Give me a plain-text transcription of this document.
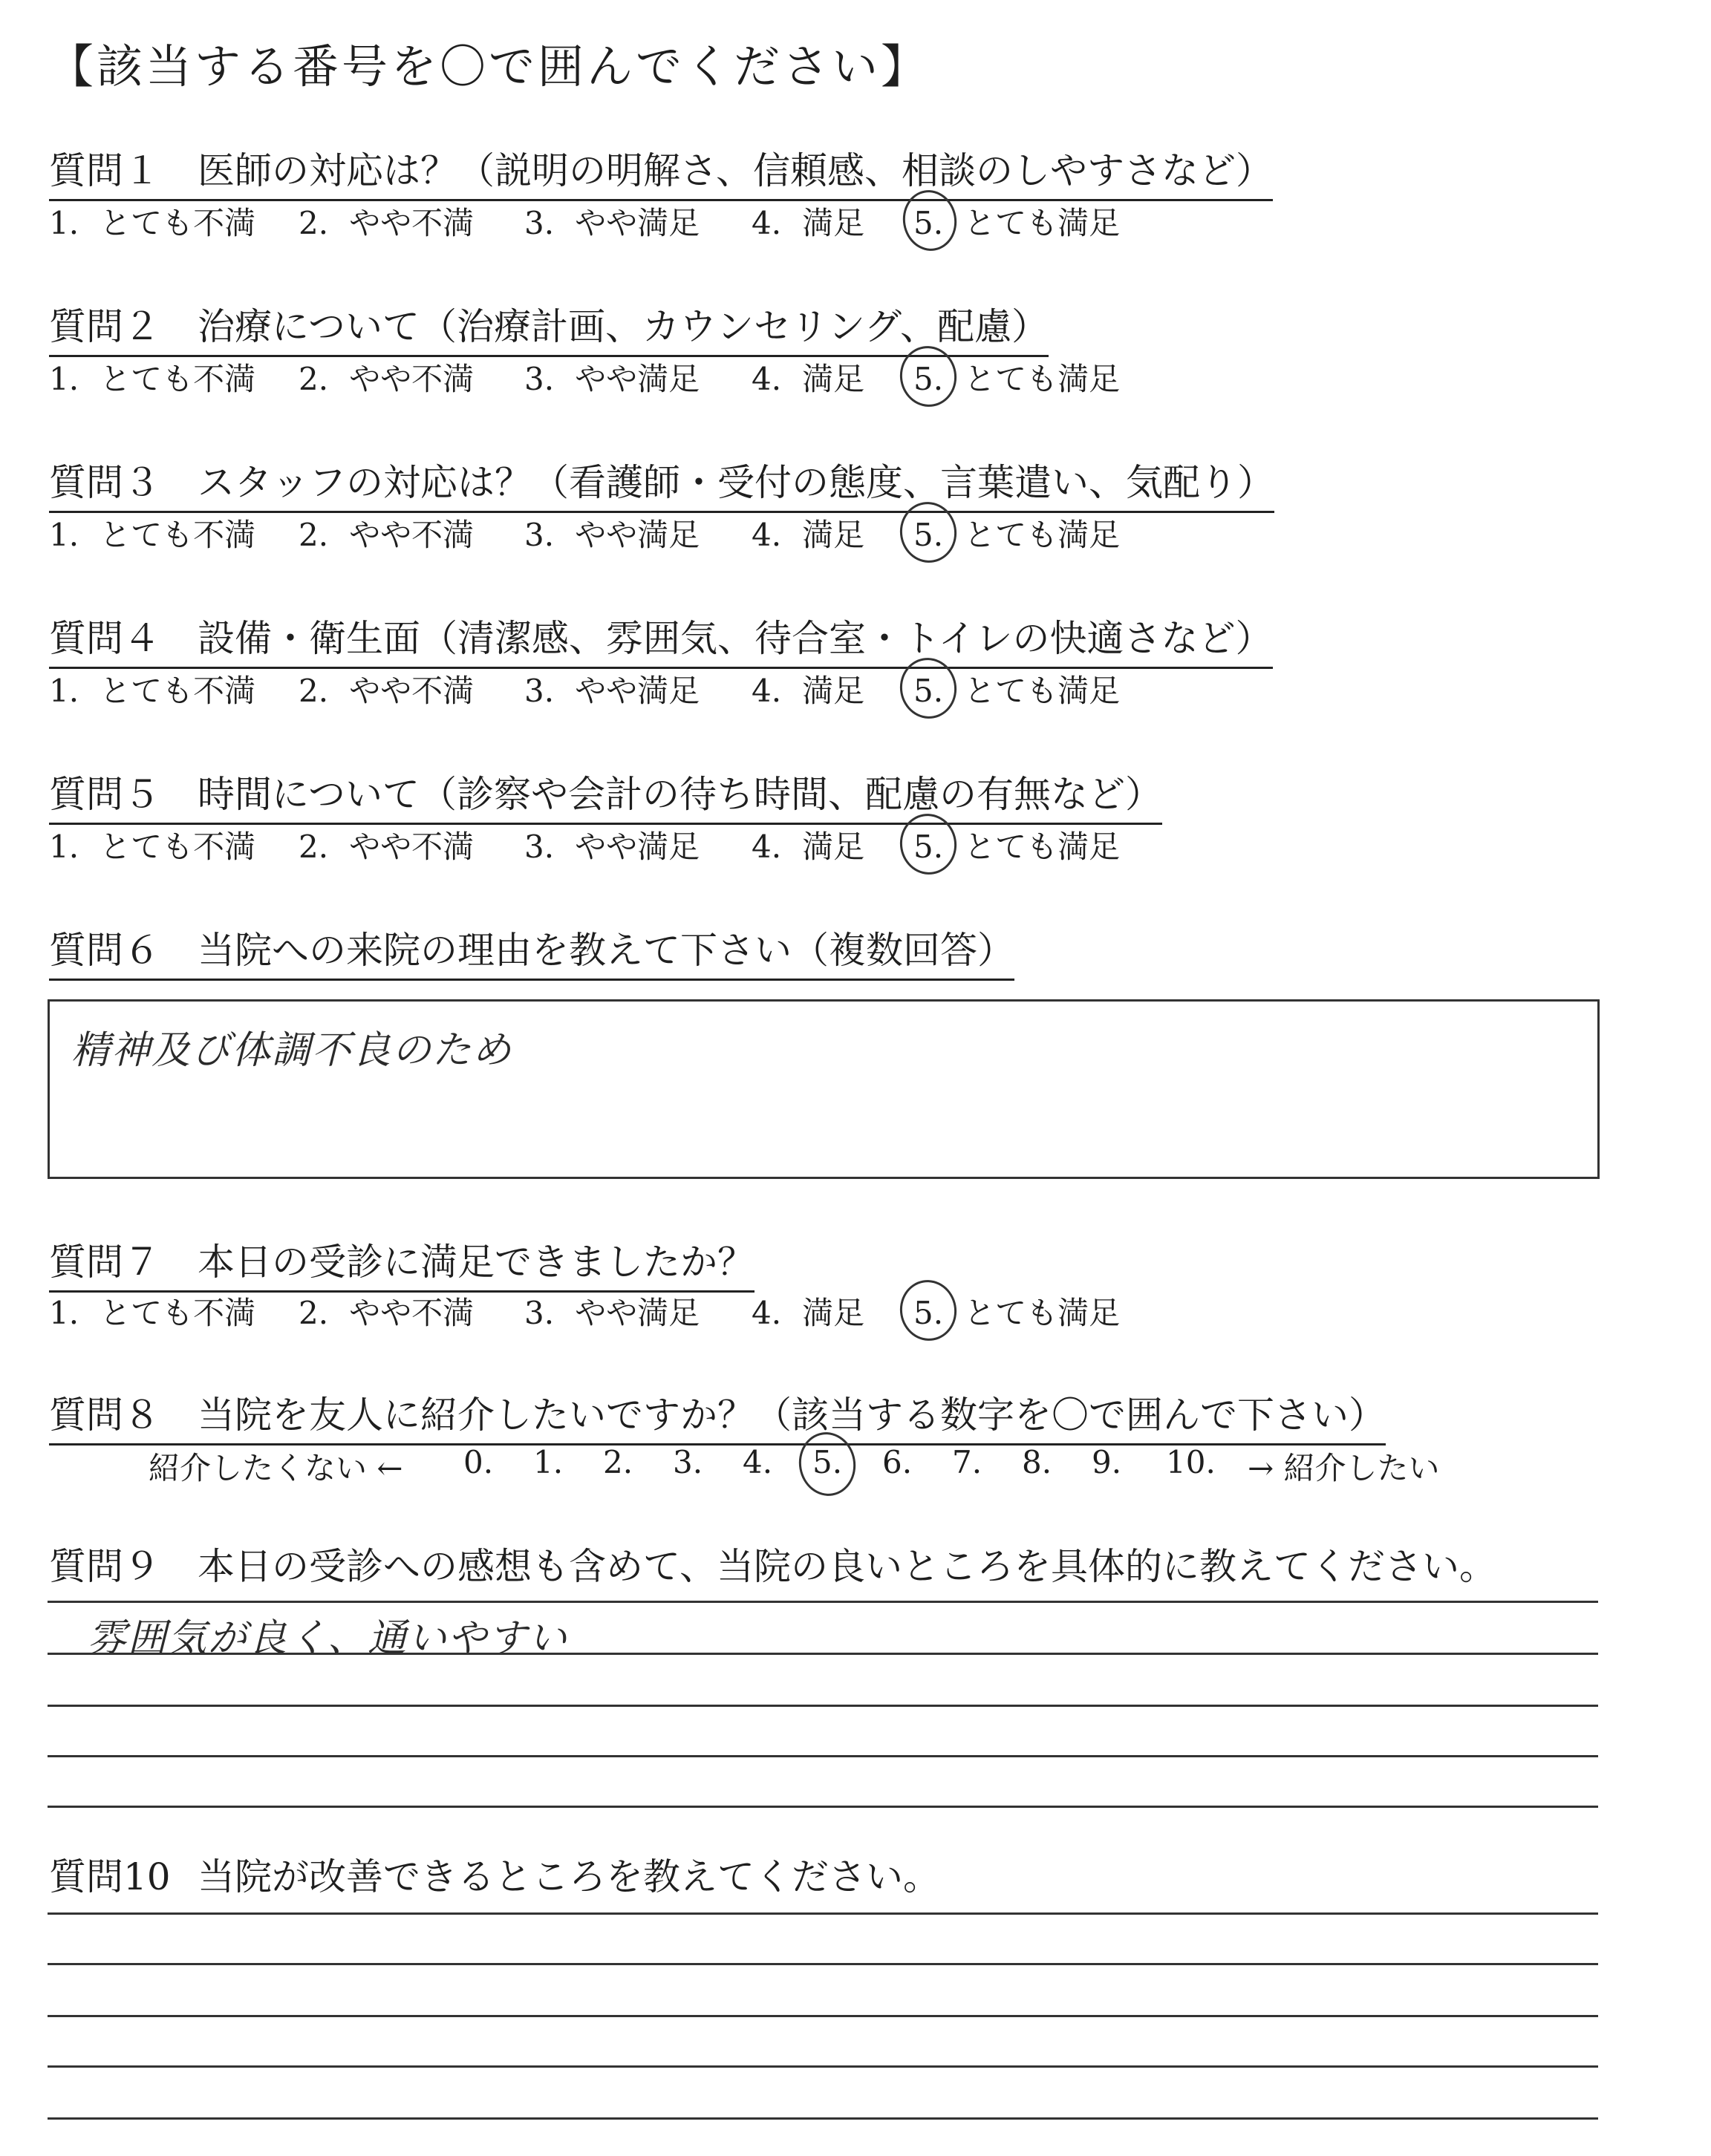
【該当する番号を〇で囲んでください】
質問１ 医師の対応は？（説明の明解さ、信頼感、相談のしやすさなど）
1. とても不満 2. やや不満 3. やや満足 4. 満足 5. とても満足
質問２ 治療について（治療計画、カウンセリング、配慮）
1. とても不満 2. やや不満 3. やや満足 4. 満足 5. とても満足
質問３ スタッフの対応は？（看護師・受付の態度、言葉遣い、気配り）
1. とても不満 2. やや不満 3. やや満足 4. 満足 5. とても満足
質問４ 設備・衛生面（清潔感、雰囲気、待合室・トイレの快適さなど）
1. とても不満 2. やや不満 3. やや満足 4. 満足 5. とても満足
質問５ 時間について（診察や会計の待ち時間、配慮の有無など）
1. とても不満 2. やや不満 3. やや満足 4. 満足 5. とても満足
質問６ 当院への来院の理由を教えて下さい（複数回答）
精神及び体調不良のため
質問７ 本日の受診に満足できましたか？
1. とても不満 2. やや不満 3. やや満足 4. 満足 5. とても満足
質問８ 当院を友人に紹介したいですか？（該当する数字を〇で囲んで下さい）
紹介したくない ← 0. 1. 2. 3. 4. 5. 6. 7. 8. 9. 10. → 紹介したい
質問９ 本日の受診への感想も含めて、当院の良いところを具体的に教えてください。
雰囲気が良く、通いやすい
質問10 当院が改善できるところを教えてください。
